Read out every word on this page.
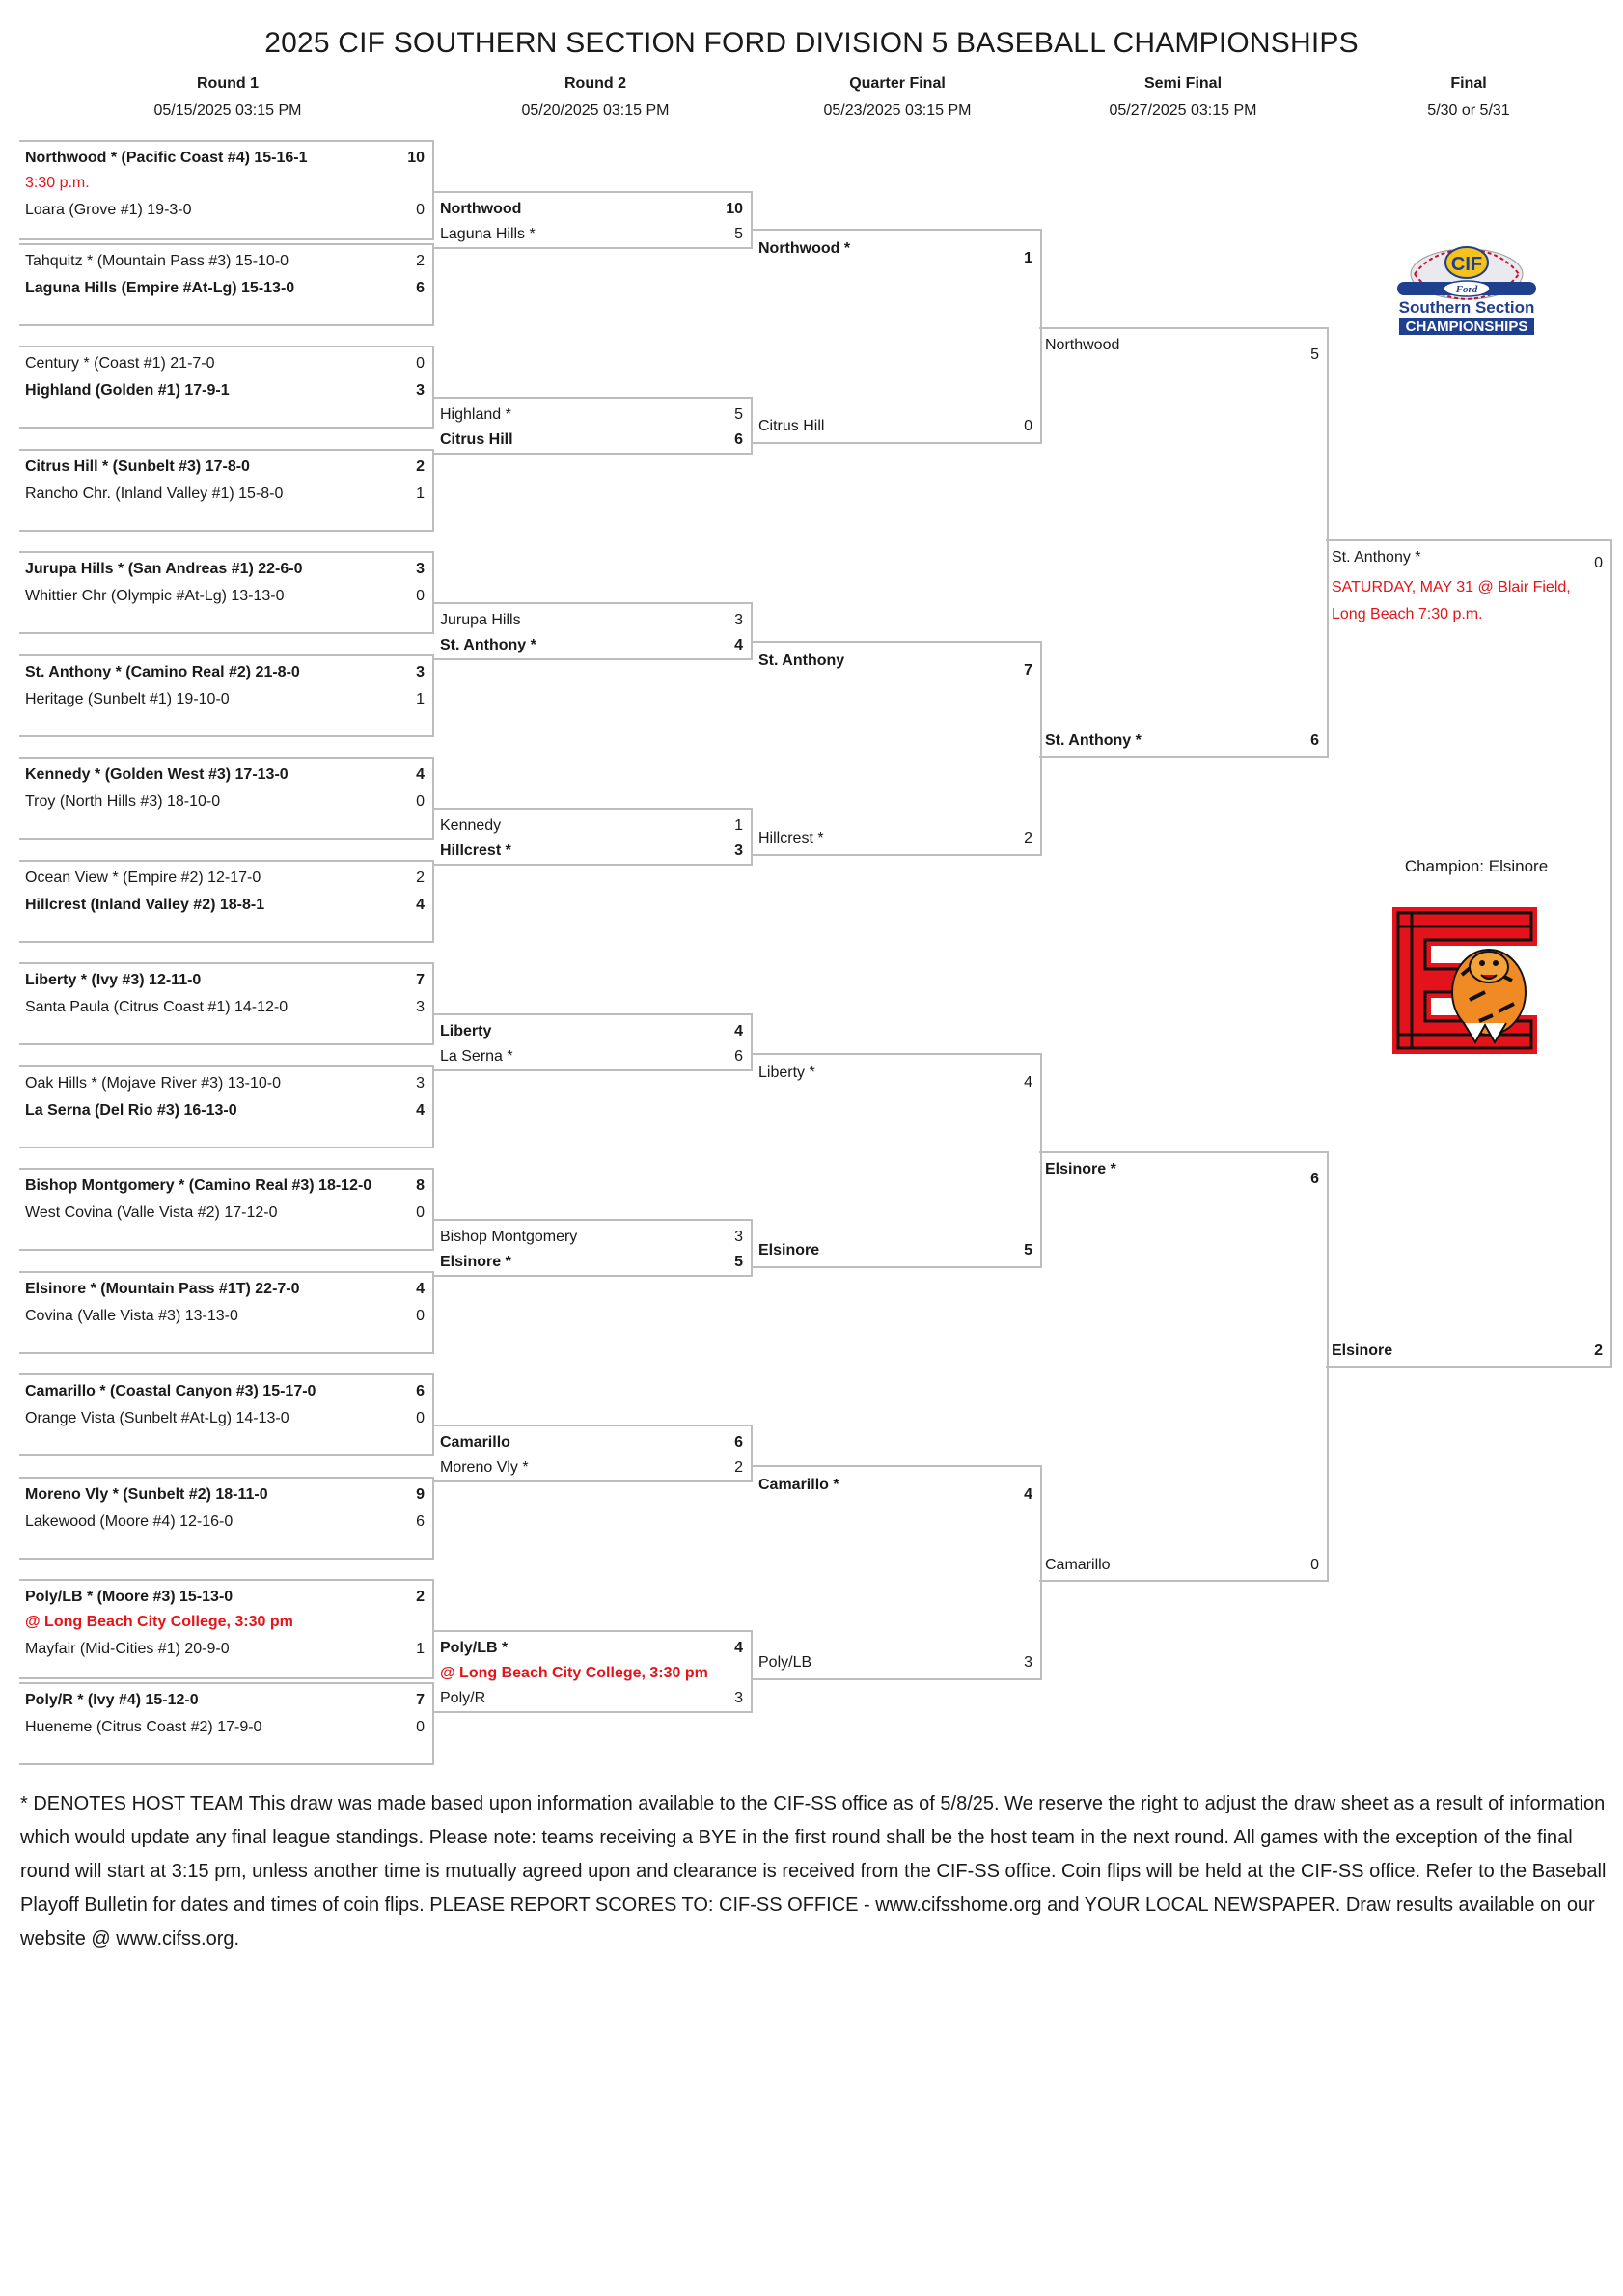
2025 CIF SOUTHERN SECTION FORD DIVISION 5 BASEBALL CHAMPIONSHIPS
Round 1
05/15/2025 03:15 PM
Round 2
05/20/2025 03:15 PM
Quarter Final
05/23/2025 03:15 PM
Semi Final
05/27/2025 03:15 PM
Final
5/30 or 5/31
Northwood * (Pacific Coast #4) 15-16-1	10
3:30 p.m.
Loara (Grove #1) 19-3-0	0
Tahquitz * (Mountain Pass #3) 15-10-0	2
Laguna Hills (Empire #At-Lg) 15-13-0	6
Century * (Coast #1) 21-7-0	0
Highland (Golden #1) 17-9-1	3
Citrus Hill * (Sunbelt #3) 17-8-0	2
Rancho Chr. (Inland Valley #1) 15-8-0	1
Jurupa Hills * (San Andreas #1) 22-6-0	3
Whittier Chr (Olympic #At-Lg) 13-13-0	0
St. Anthony * (Camino Real #2) 21-8-0	3
Heritage (Sunbelt #1) 19-10-0	1
Kennedy * (Golden West #3) 17-13-0	4
Troy (North Hills #3) 18-10-0	0
Ocean View * (Empire #2) 12-17-0	2
Hillcrest (Inland Valley #2) 18-8-1	4
Liberty * (Ivy #3) 12-11-0	7
Santa Paula (Citrus Coast #1) 14-12-0	3
Oak Hills * (Mojave River #3) 13-10-0	3
La Serna (Del Rio #3) 16-13-0	4
Bishop Montgomery * (Camino Real #3) 18-12-0	8
West Covina (Valle Vista #2) 17-12-0	0
Elsinore * (Mountain Pass #1T) 22-7-0	4
Covina (Valle Vista #3) 13-13-0	0
Camarillo * (Coastal Canyon #3) 15-17-0	6
Orange Vista (Sunbelt #At-Lg) 14-13-0	0
Moreno Vly * (Sunbelt #2) 18-11-0	9
Lakewood (Moore #4) 12-16-0	6
Poly/LB * (Moore #3) 15-13-0	2
@ Long Beach City College, 3:30 pm
Mayfair (Mid-Cities #1) 20-9-0	1
Poly/R * (Ivy #4) 15-12-0	7
Hueneme (Citrus Coast #2) 17-9-0	0
Northwood	10
Laguna Hills *	5
Highland *	5
Citrus Hill	6
Jurupa Hills	3
St. Anthony *	4
Kennedy	1
Hillcrest *	3
Liberty	4
La Serna *	6
Bishop Montgomery	3
Elsinore *	5
Camarillo	6
Moreno Vly *	2
Poly/LB *	4
@ Long Beach City College, 3:30 pm
Poly/R	3
Northwood *
1
Citrus Hill	0
St. Anthony
7
Hillcrest *	2
Liberty *
4
Elsinore	5
Camarillo *
4
Poly/LB	3
Northwood
5
St. Anthony *	6
Elsinore *
6
Camarillo	0
St. Anthony *	0
SATURDAY, MAY 31 @ Blair Field, Long Beach 7:30 p.m.
Elsinore	2
CIF
Ford
Southern Section
CHAMPIONSHIPS
Champion: Elsinore
* DENOTES HOST TEAM This draw was made based upon information available to the CIF-SS office as of 5/8/25. We reserve the right to adjust the draw sheet as a result of information which would update any final league standings. Please note: teams receiving a BYE in the first round shall be the host team in the next round. All games with the exception of the final round will start at 3:15 pm, unless another time is mutually agreed upon and clearance is received from the CIF-SS office. Coin flips will be held at the CIF-SS office. Refer to the Baseball Playoff Bulletin for dates and times of coin flips. PLEASE REPORT SCORES TO: CIF-SS OFFICE - www.cifsshome.org and YOUR LOCAL NEWSPAPER. Draw results available on our website @ www.cifss.org.
